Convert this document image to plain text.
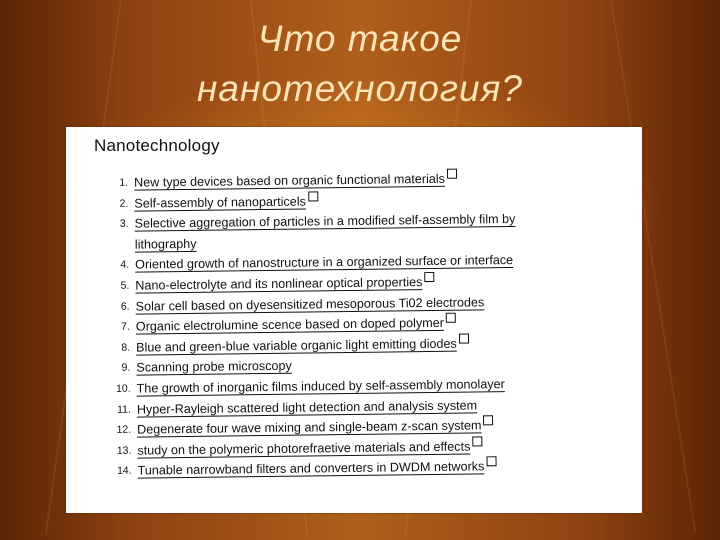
Что такое
нанотехнология?
Nanotechnology
1. New type devices based on organic functional materials
2. Self-assembly of nanoparticels
3. Selective aggregation of particles in a modified self-assembly film by
lithography
4. Oriented growth of nanostructure in a organized surface or interface
5. Nano-electrolyte and its nonlinear optical properties
6. Solar cell based on dyesensitized mesoporous Ti02 electrodes
7. Organic electrolumine scence based on doped polymer
8. Blue and green-blue variable organic light emitting diodes
9. Scanning probe microscopy
10. The growth of inorganic films induced by self-assembly monolayer
11. Hyper-Rayleigh scattered light detection and analysis system
12. Degenerate four wave mixing and single-beam z-scan system
13. study on the polymeric photorefraetive materials and effects
14. Tunable narrowband filters and converters in DWDM networks
